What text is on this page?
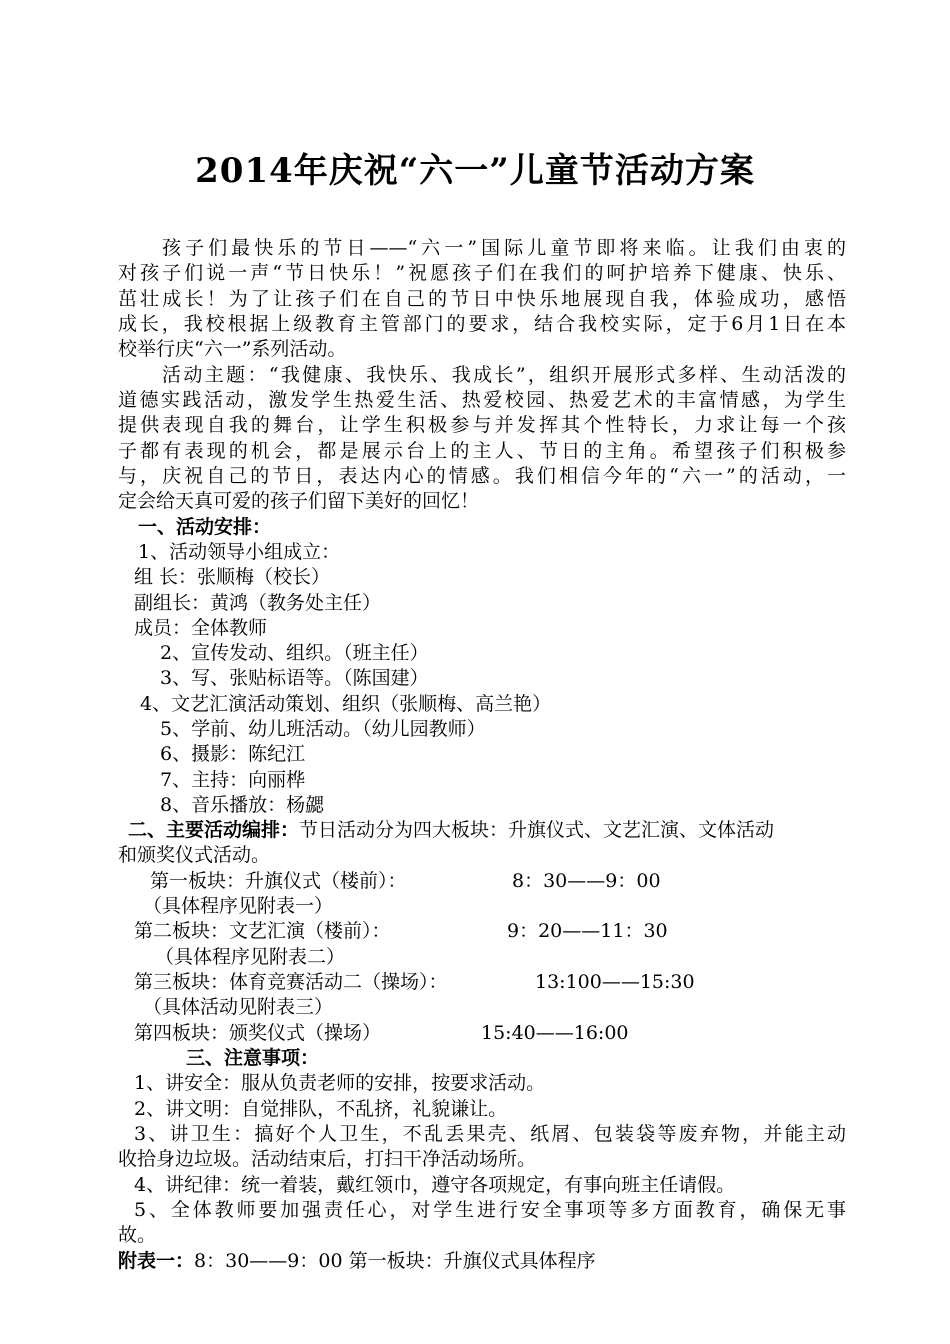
2014年庆祝“六一”儿童节活动方案
孩子们最快乐的节日——“六一”国际儿童节即将来临。让我们由衷的
对孩子们说一声“节日快乐！”祝愿孩子们在我们的呵护培养下健康、快乐、
茁壮成长！为了让孩子们在自己的节日中快乐地展现自我，体验成功，感悟
成长，我校根据上级教育主管部门的要求，结合我校实际，定于6月1日在本
校举行庆“六一”系列活动。
活动主题：“我健康、我快乐、我成长”，组织开展形式多样、生动活泼的
道德实践活动，激发学生热爱生活、热爱校园、热爱艺术的丰富情感，为学生
提供表现自我的舞台，让学生积极参与并发挥其个性特长，力求让每一个孩
子都有表现的机会，都是展示台上的主人、节日的主角。希望孩子们积极参
与，庆祝自己的节日，表达内心的情感。我们相信今年的“六一”的活动，一
定会给天真可爱的孩子们留下美好的回忆！
一、活动安排：
1、活动领导小组成立：
组 长：张顺梅（校长）
副组长：黄鸿（教务处主任）
成员：全体教师
2、宣传发动、组织。（班主任）
3、写、张贴标语等。（陈国建）
4、文艺汇演活动策划、组织（张顺梅、高兰艳）
5、学前、幼儿班活动。（幼儿园教师）
6、摄影：陈纪江
7、主持：向丽桦
8、音乐播放：杨勰
二、主要活动编排：节日活动分为四大板块：升旗仪式、文艺汇演、文体活动
和颁奖仪式活动。
第一板块：升旗仪式（楼前）：	8：30——9：00
（具体程序见附表一）
第二板块：文艺汇演（楼前）：	9：20——11：30
（具体程序见附表二）
第三板块：体育竞赛活动二（操场）：	13:100——15:30
（具体活动见附表三）
第四板块：颁奖仪式（操场）	15:40——16:00
三、注意事项：
1、讲安全：服从负责老师的安排，按要求活动。
2、讲文明：自觉排队，不乱挤，礼貌谦让。
3、讲卫生：搞好个人卫生，不乱丢果壳、纸屑、包装袋等废弃物，并能主动
收拾身边垃圾。活动结束后，打扫干净活动场所。
4、讲纪律：统一着装，戴红领巾，遵守各项规定，有事向班主任请假。
5、全体教师要加强责任心，对学生进行安全事项等多方面教育，确保无事
故。
附表一：8：30——9：00 第一板块：升旗仪式具体程序
